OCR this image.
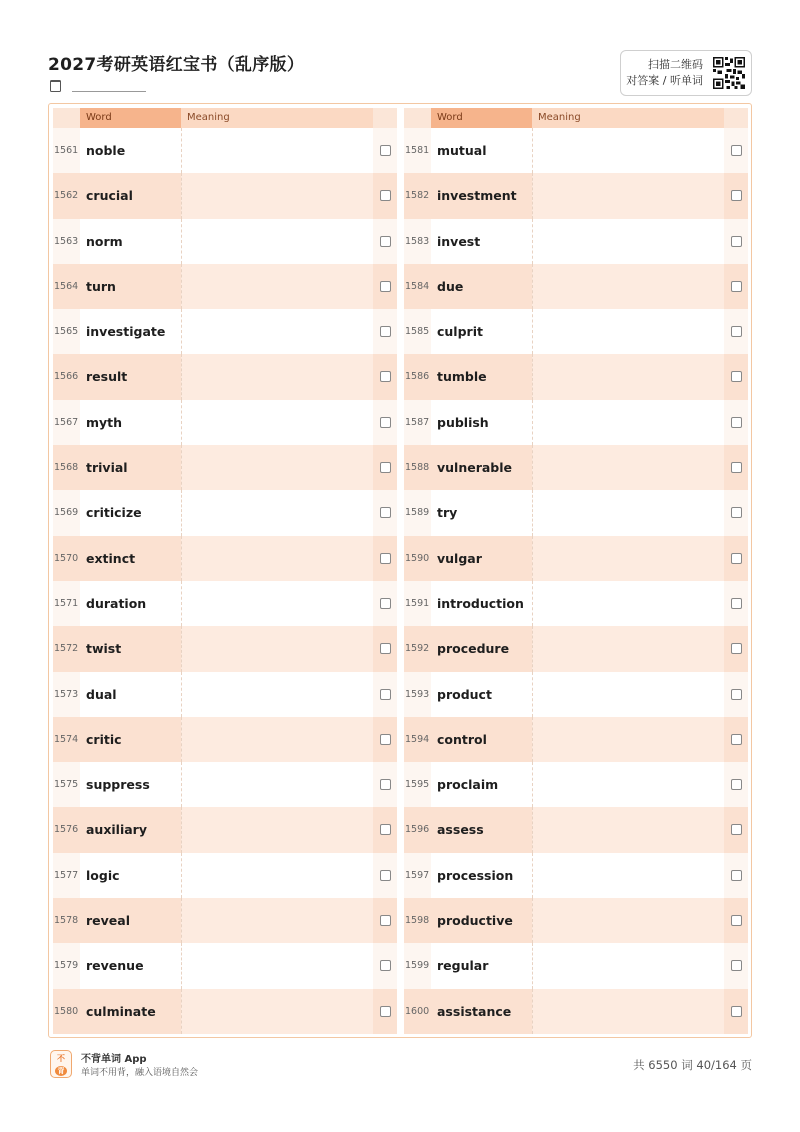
2027考研英语红宝书（乱序版）	扫描二维码
对答案 / 听单词
Word	Meaning
1561 noble
1562 crucial
1563 norm
1564 turn
1565 investigate
1566 result
1567 myth
1568 trivial
1569 criticize
1570 extinct
1571 duration
1572 twist
1573 dual
1574 critic
1575 suppress
1576 auxiliary
1577 logic
1578 reveal
1579 revenue
1580 culminate
Word	Meaning
1581 mutual
1582 investment
1583 invest
1584 due
1585 culprit
1586 tumble
1587 publish
1588 vulnerable
1589 try
1590 vulgar
1591 introduction
1592 procedure
1593 product
1594 control
1595 proclaim
1596 assess
1597 procession
1598 productive
1599 regular
1600 assistance
不
背
不背单词 App
单词不用背，融入语境自然会
共 6550 词 40/164 页
